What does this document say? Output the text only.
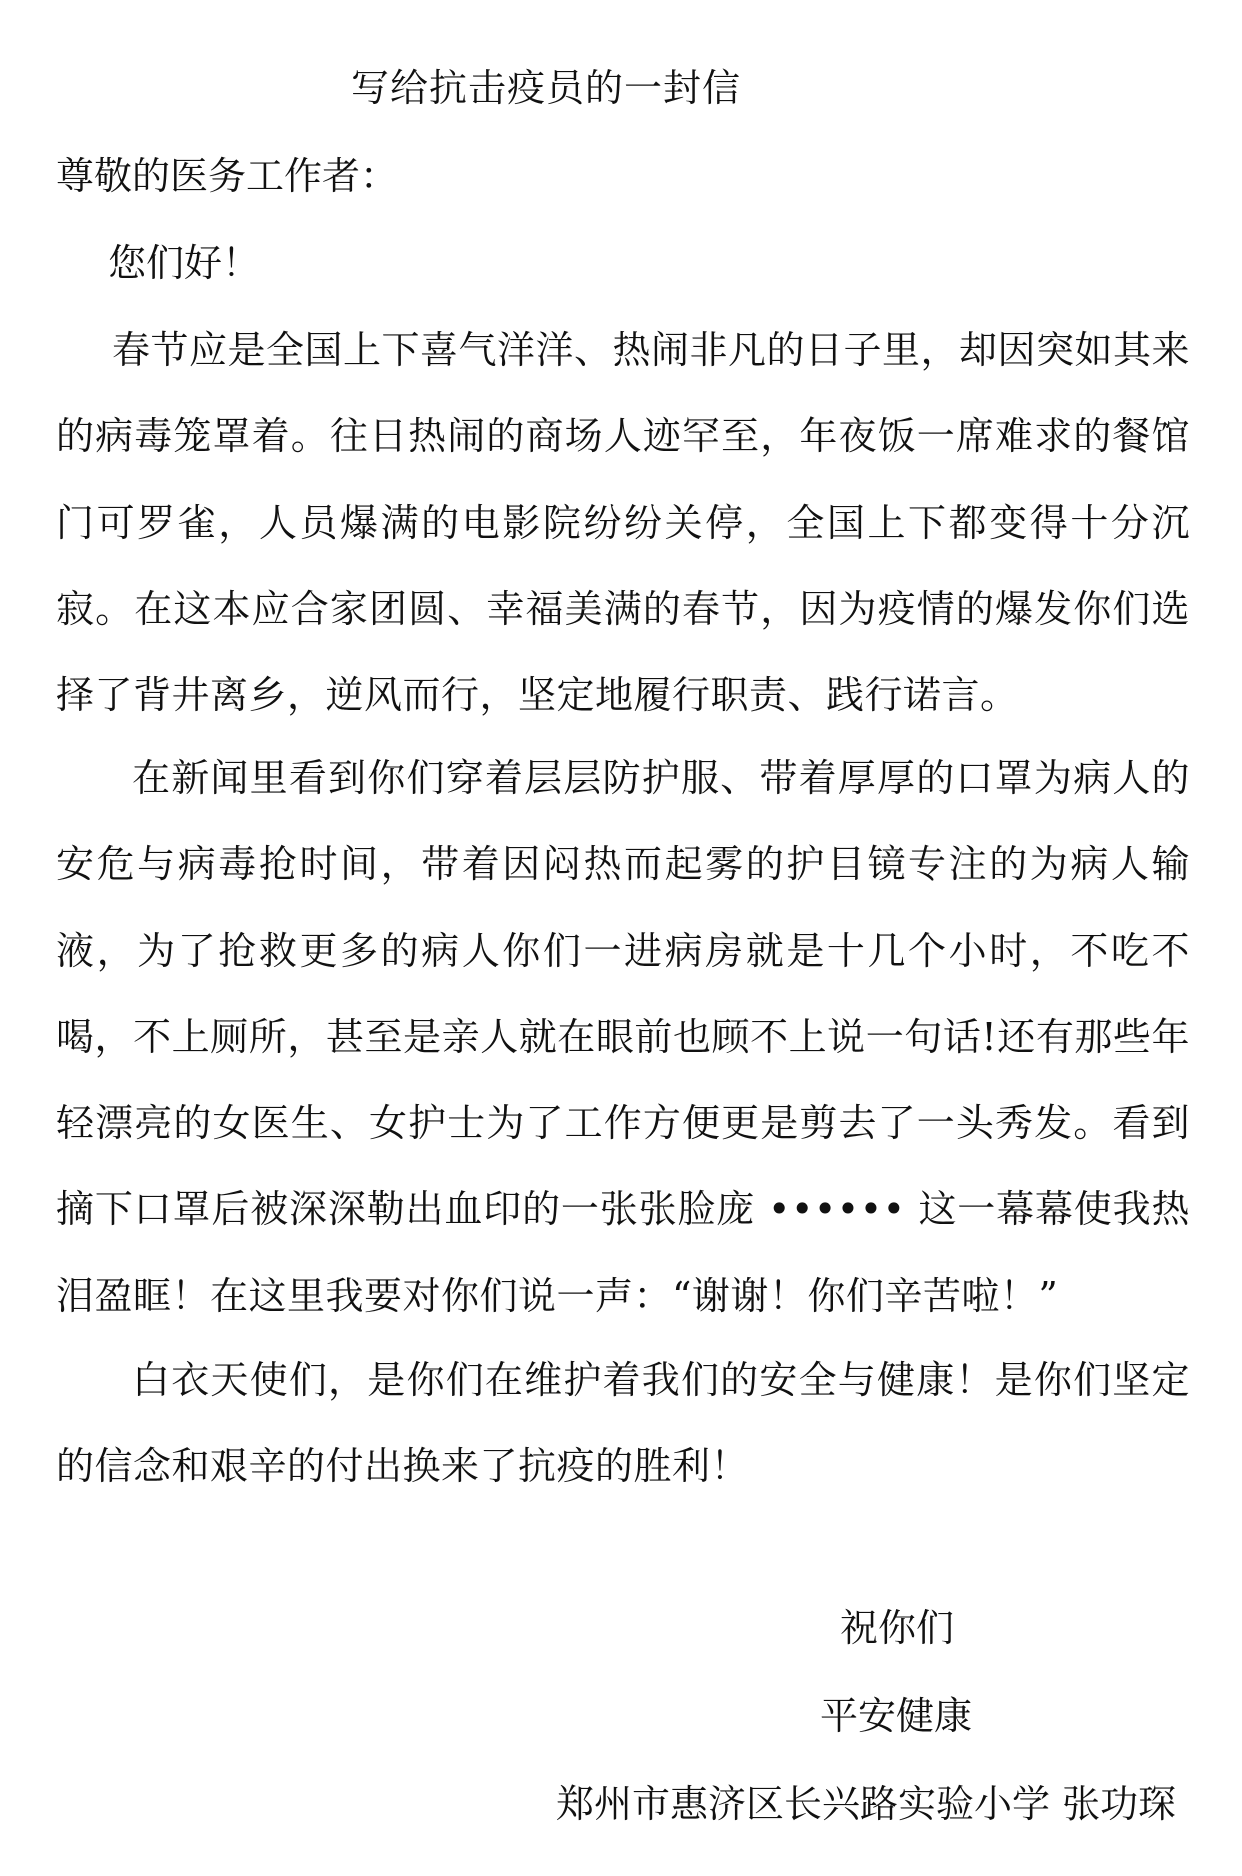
写给抗击疫员的一封信
尊敬的医务工作者：
您们好！

春节应是全国上下喜气洋洋、热闹非凡的日子里，却因突如其来的病毒笼罩着。往日热闹的商场人迹罕至，年夜饭一席难求的餐馆门可罗雀，人员爆满的电影院纷纷关停，全国上下都变得十分沉寂。在这本应合家团圆、幸福美满的春节，因为疫情的爆发你们选择了背井离乡，逆风而行，坚定地履行职责、践行诺言。

在新闻里看到你们穿着层层防护服、带着厚厚的口罩为病人的安危与病毒抢时间，带着因闷热而起雾的护目镜专注的为病人输液，为了抢救更多的病人你们一进病房就是十几个小时，不吃不喝，不上厕所，甚至是亲人就在眼前也顾不上说一句话!还有那些年轻漂亮的女医生、女护士为了工作方便更是剪去了一头秀发。看到摘下口罩后被深深勒出血印的一张张脸庞 •••••• 这一幕幕使我热泪盈眶！在这里我要对你们说一声：“谢谢！你们辛苦啦！”

白衣天使们，是你们在维护着我们的安全与健康！是你们坚定的信念和艰辛的付出换来了抗疫的胜利！

祝你们
平安健康
郑州市惠济区长兴路实验小学 张功琛
